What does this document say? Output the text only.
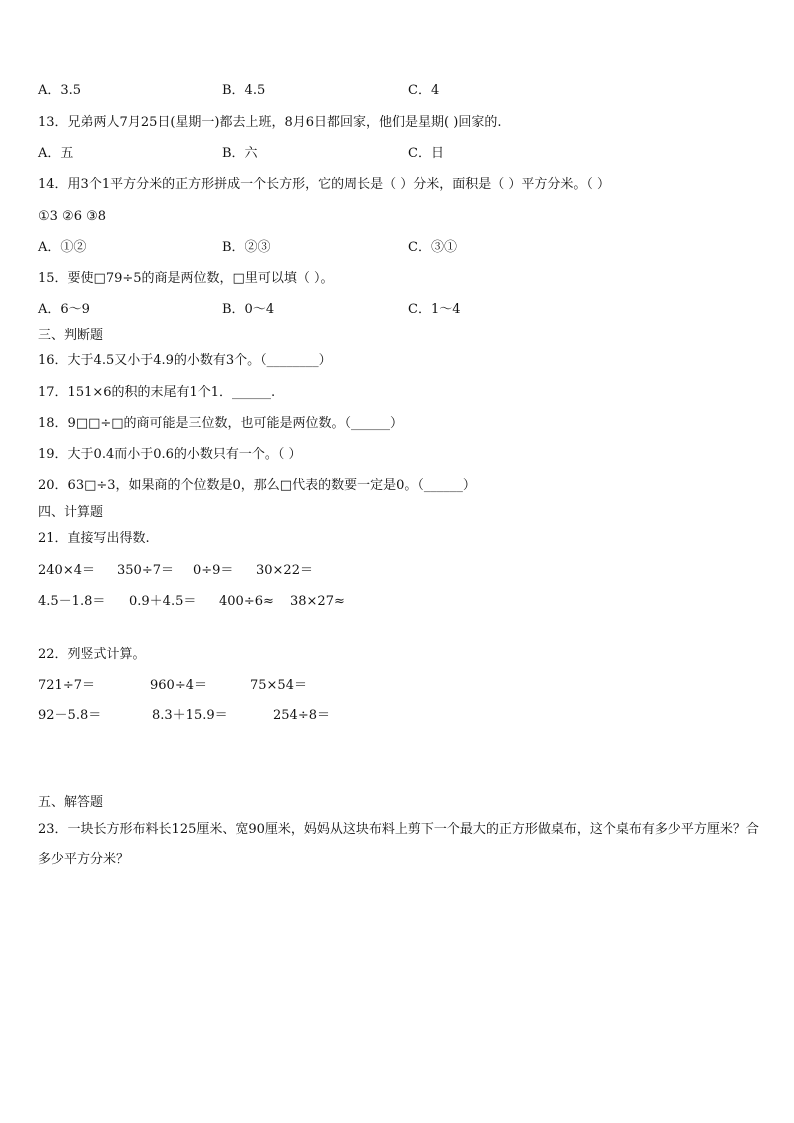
A．3.5	B．4.5	C．4
13．兄弟两人7月25日(星期一)都去上班，8月6日都回家，他们是星期( )回家的.
A．五	B．六	C．日
14．用3个1平方分米的正方形拼成一个长方形，它的周长是（ ）分米，面积是（ ）平方分米。（ ）
①3 ②6 ③8
A．①②	B．②③	C．③①
15．要使□79÷5的商是两位数，□里可以填（ ）。
A．6～9	B．0～4	C．1～4
三、判断题
16．大于4.5又小于4.9的小数有3个。（________）
17．151×6的积的末尾有1个1．______.
18．9□□÷□的商可能是三位数，也可能是两位数。（______）
19．大于0.4而小于0.6的小数只有一个。（ ）
20．63□÷3，如果商的个位数是0，那么□代表的数要一定是0。（______）
四、计算题
21．直接写出得数.
240×4＝ 350÷7＝ 0÷9＝ 30×22＝
4.5－1.8＝ 0.9＋4.5＝ 400÷6≈ 38×27≈
22．列竖式计算。
721÷7＝	960÷4＝	75×54＝
92－5.8＝	8.3＋15.9＝	254÷8＝
五、解答题
23．一块长方形布料长125厘米、宽90厘米，妈妈从这块布料上剪下一个最大的正方形做桌布，这个桌布有多少平方厘米？合多少平方分米？
